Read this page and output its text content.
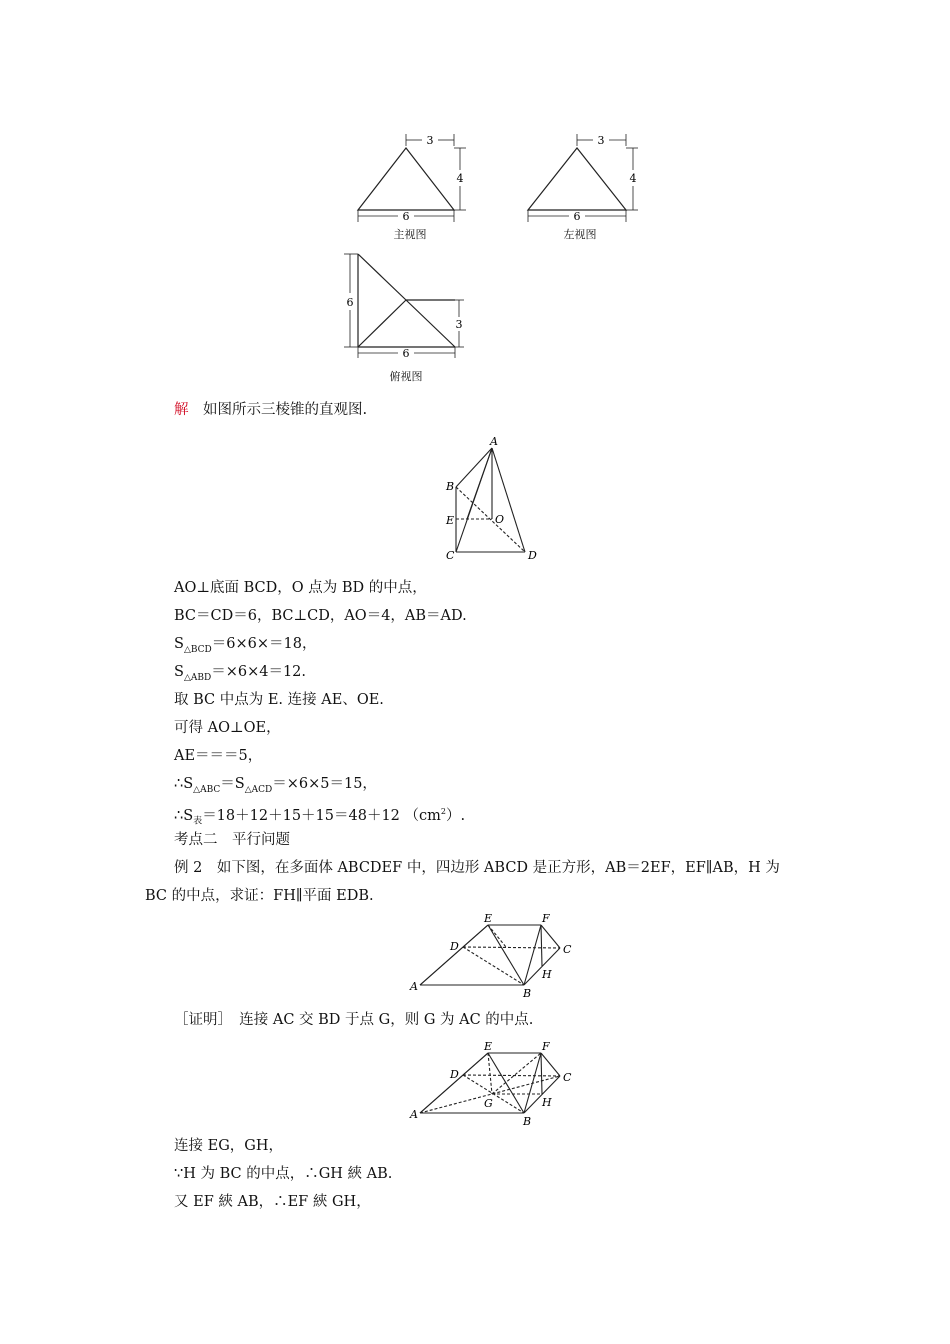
3
4
6
主视图
3
4
6
左视图
6
3
6
俯视图
解　 如图所示三棱锥的直观图.
A
B
E	O
C	D
AO⊥底面 BCD，O 点为 BD 的中点，
BC＝CD＝6，BC⊥CD，AO＝4，AB＝AD.
$S_{\triangle BCD}=6\times 6\times=18$，
$S_{\triangle ABD}=\times 6\times 4=12$.
取 BC 中点为 E. 连接 AE、OE.
可得 AO⊥OE，
AE＝＝＝5，
$\therefore S_{\triangle ABC}=S_{\triangle ACD}=\times 6\times 5=15$，
$\therefore S_表=18+12+15+15=48+12$ $(cm^2)$.
考点二　平行问题
例 2　如下图，在多面体 ABCDEF 中，四边形 ABCD 是正方形，AB＝2EF，EF∥AB，H 为
BC 的中点，求证：FH∥平面 EDB.
E	F
D	C
H
A
B
［证明］　连接 AC 交 BD 于点 G，则 G 为 AC 的中点.
E	F
D	C
G	H
A
B
连接 EG，GH，
∵H 为 BC 的中点，∴GH 綊 AB.
又 EF 綊 AB，∴EF 綊 GH，
